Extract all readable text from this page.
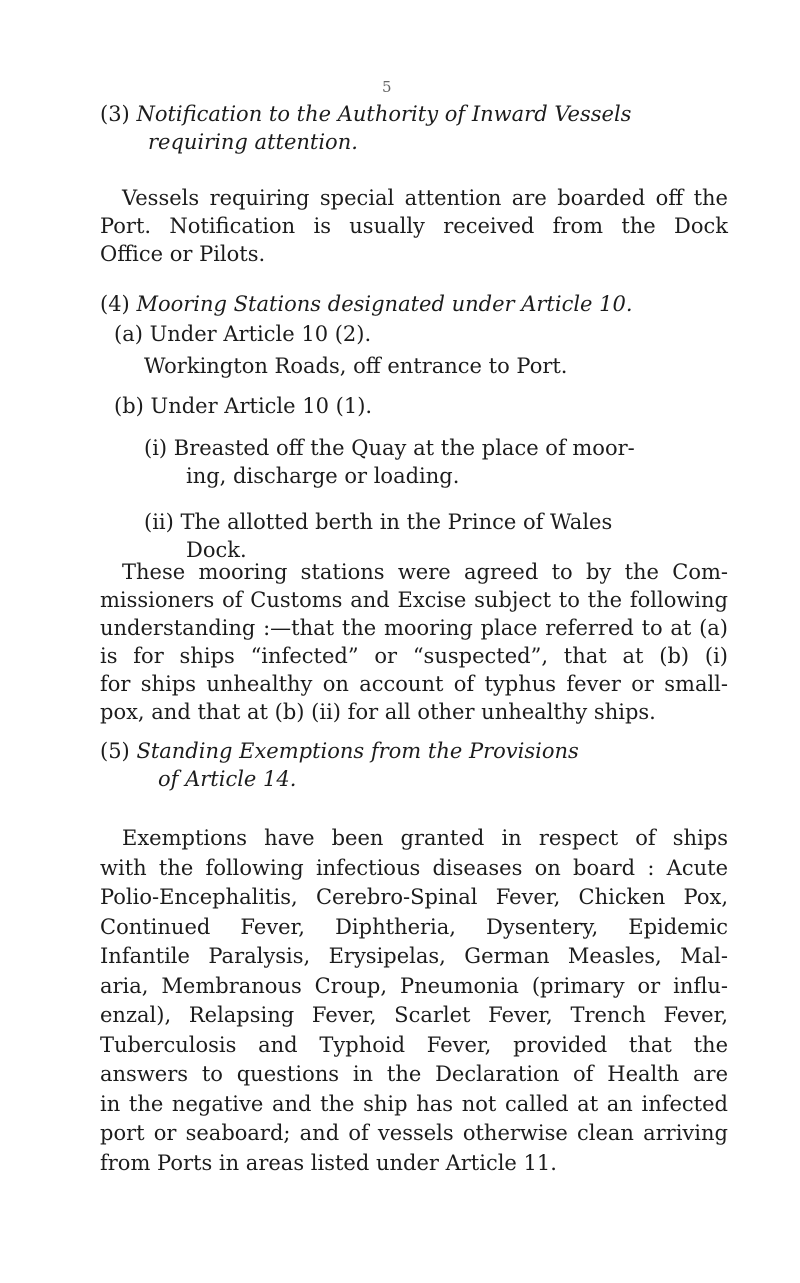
5
(3) Notification to the Authority of Inward Vessels
requiring attention.
Vessels requiring special attention are boarded off the
Port. Notification is usually received from the Dock
Office or Pilots.
(4) Mooring Stations designated under Article 10.
(a) Under Article 10 (2).
Workington Roads, off entrance to Port.
(b) Under Article 10 (1).
(i) Breasted off the Quay at the place of moor-
ing, discharge or loading.
(ii) The allotted berth in the Prince of Wales
Dock.
These mooring stations were agreed to by the Com-
missioners of Customs and Excise subject to the following
understanding :—that the mooring place referred to at (a)
is for ships “infected” or “suspected”, that at (b) (i)
for ships unhealthy on account of typhus fever or small-
pox, and that at (b) (ii) for all other unhealthy ships.
(5) Standing Exemptions from the Provisions
of Article 14.
Exemptions have been granted in respect of ships
with the following infectious diseases on board : Acute
Polio-Encephalitis, Cerebro-Spinal Fever, Chicken Pox,
Continued Fever, Diphtheria, Dysentery, Epidemic
Infantile Paralysis, Erysipelas, German Measles, Mal-
aria, Membranous Croup, Pneumonia (primary or influ-
enzal), Relapsing Fever, Scarlet Fever, Trench Fever,
Tuberculosis and Typhoid Fever, provided that the
answers to questions in the Declaration of Health are
in the negative and the ship has not called at an infected
port or seaboard; and of vessels otherwise clean arriving
from Ports in areas listed under Article 11.
